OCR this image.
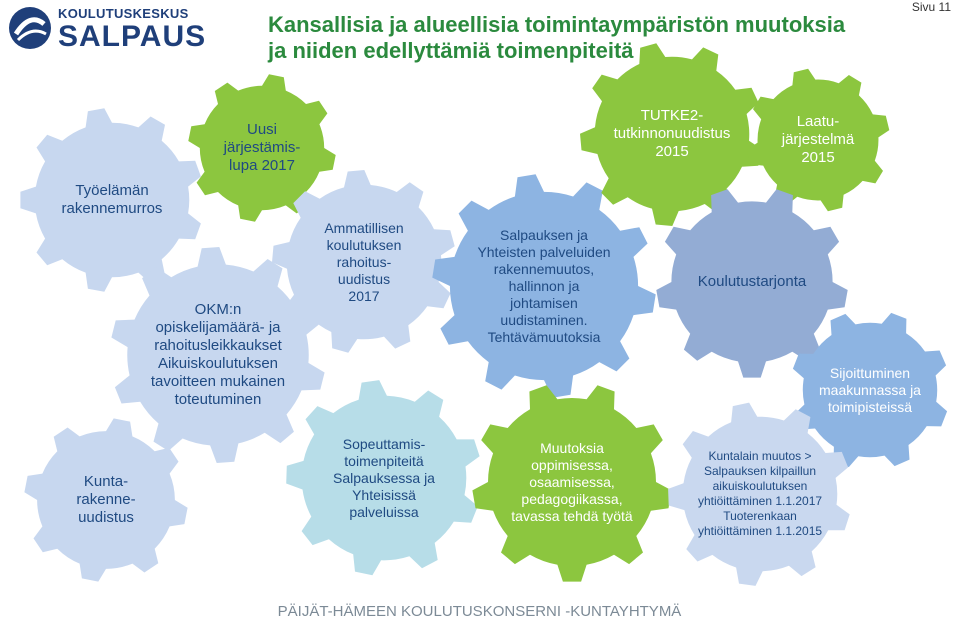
Työelämän

rakennemurros

Uusi

järjestämis-

lupa 2017

OKM:n

opiskelijamäärä- ja

rahoitusleikkaukset

Aikuiskoulutuksen

tavoitteen mukainen

toteutuminen

Ammatillisen

koulutuksen

rahoitus-

uudistus

2017

Salpauksen ja

Yhteisten palveluiden

rakennemuutos,

hallinnon ja

johtamisen

uudistaminen.

Tehtävämuutoksia

TUTKE2-

tutkinnonuudistus

2015

Laatu-

järjestelmä

2015

Koulutustarjonta

Sijoittuminen

maakunnassa ja

toimipisteissä

Kunta-

rakenne-

uudistus

Sopeuttamis-

toimenpiteitä

Salpauksessa ja

Yhteisissä

palveluissa

Muutoksia

oppimisessa,

osaamisessa,

pedagogiikassa,

tavassa tehdä työtä

Kuntalain muutos >

Salpauksen kilpaillun

aikuiskoulutuksen

yhtiöittäminen 1.1.2017

Tuoterenkaan

yhtiöittäminen 1.1.2015

KOULUTUSKESKUS
SALPAUS	Kansallisia ja alueellisia toimintaympäristön muutoksia ja niiden edellyttämiä toimenpiteitä
Sivu 11
PÄIJÄT-HÄMEEN KOULUTUSKONSERNI -KUNTAYHTYMÄ
